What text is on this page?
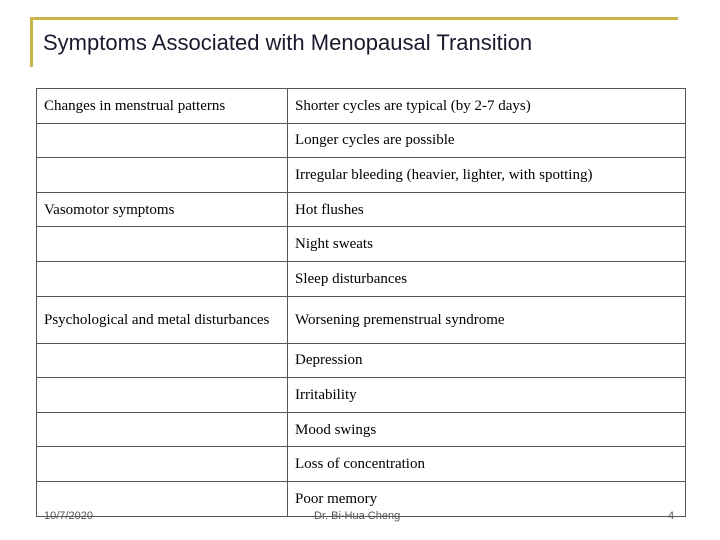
Symptoms Associated with Menopausal Transition
Changes in menstrual patterns	Shorter cycles are typical (by 2-7 days)
	Longer cycles are possible
	Irregular bleeding (heavier, lighter, with spotting)
Vasomotor symptoms	Hot flushes
	Night sweats
	Sleep disturbances
Psychological and metal disturbances	Worsening premenstrual syndrome
	Depression
	Irritability
	Mood swings
	Loss of concentration
	Poor memory
10/7/2020	Dr. Bi-Hua Cheng	4
